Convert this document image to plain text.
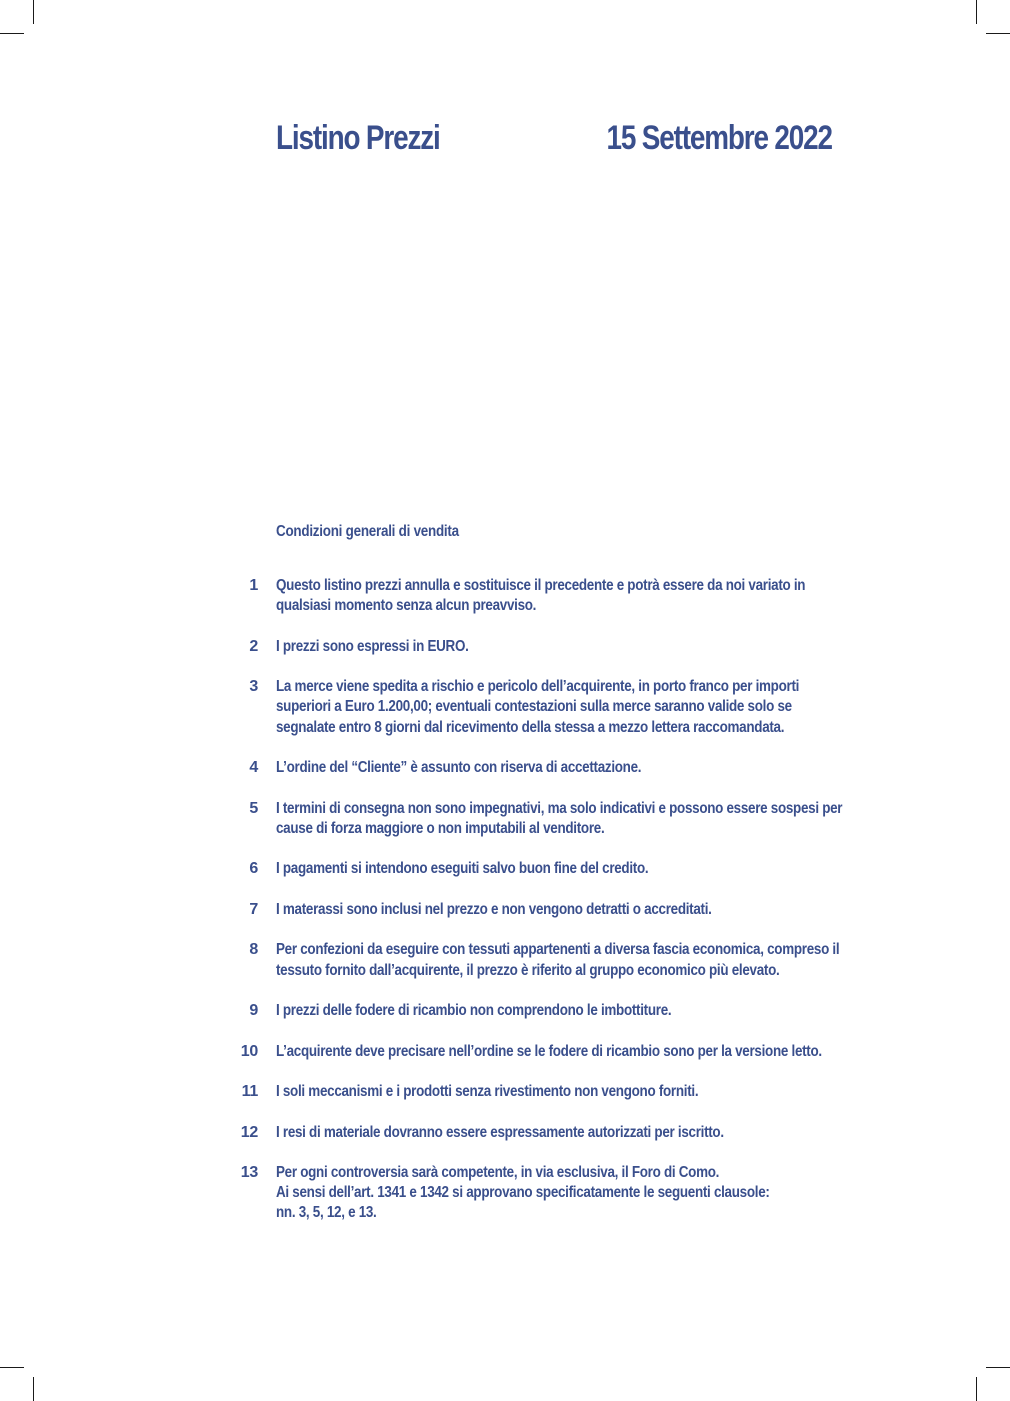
Listino Prezzi	15 Settembre 2022
Condizioni generali di vendita
1 Questo listino prezzi annulla e sostituisce il precedente e potrà essere da noi variato in
qualsiasi momento senza alcun preavviso.
2 I prezzi sono espressi in EURO.
3 La merce viene spedita a rischio e pericolo dell’acquirente, in porto franco per importi
superiori a Euro 1.200,00; eventuali contestazioni sulla merce saranno valide solo se
segnalate entro 8 giorni dal ricevimento della stessa a mezzo lettera raccomandata.
4 L’ordine del “Cliente” è assunto con riserva di accettazione.
5 I termini di consegna non sono impegnativi, ma solo indicativi e possono essere sospesi per
cause di forza maggiore o non imputabili al venditore.
6 I pagamenti si intendono eseguiti salvo buon fine del credito.
7 I materassi sono inclusi nel prezzo e non vengono detratti o accreditati.
8 Per confezioni da eseguire con tessuti appartenenti a diversa fascia economica, compreso il
tessuto fornito dall’acquirente, il prezzo è riferito al gruppo economico più elevato.
9 I prezzi delle fodere di ricambio non comprendono le imbottiture.
10 L’acquirente deve precisare nell’ordine se le fodere di ricambio sono per la versione letto.
11 I soli meccanismi e i prodotti senza rivestimento non vengono forniti.
12 I resi di materiale dovranno essere espressamente autorizzati per iscritto.
13 Per ogni controversia sarà competente, in via esclusiva, il Foro di Como.
Ai sensi dell’art. 1341 e 1342 si approvano specificatamente le seguenti clausole:
nn. 3, 5, 12, e 13.
